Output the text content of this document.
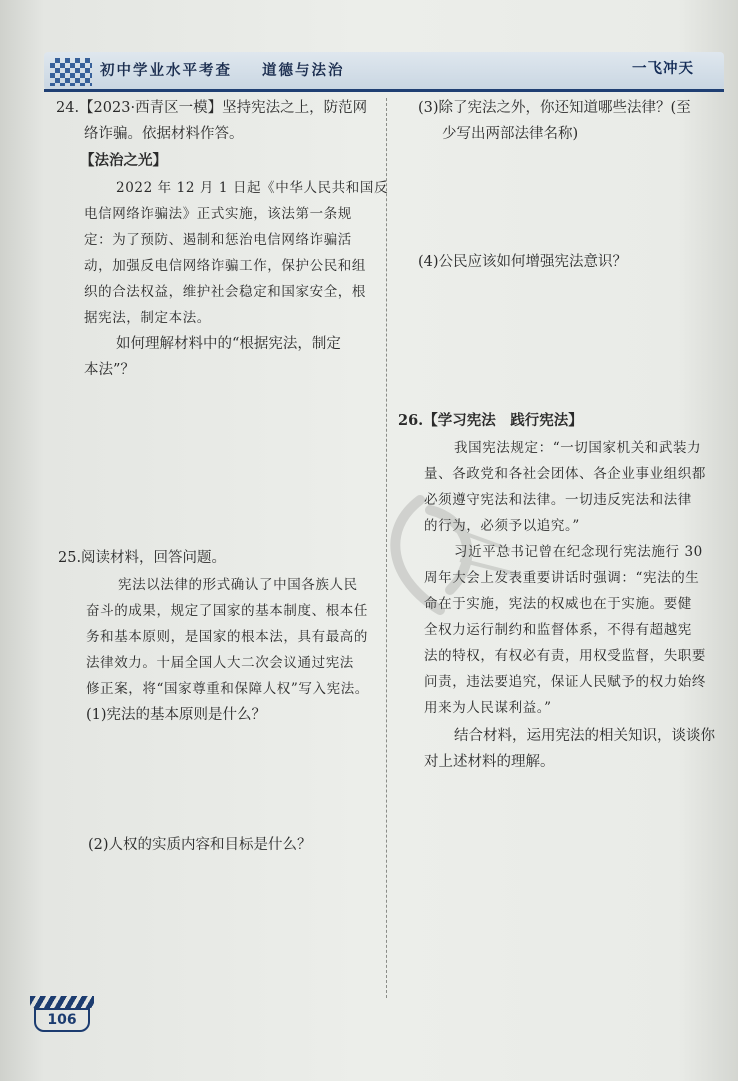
初中学业水平考查 道德与法治	一飞冲天
24.【2023·西青区一模】坚持宪法之上，防范网
络诈骗。依据材料作答。
【法治之光】
2022 年 12 月 1 日起《中华人民共和国反
电信网络诈骗法》正式实施，该法第一条规
定：为了预防、遏制和惩治电信网络诈骗活
动，加强反电信网络诈骗工作，保护公民和组
织的合法权益，维护社会稳定和国家安全，根
据宪法，制定本法。
如何理解材料中的“根据宪法，制定
本法”？
25.阅读材料，回答问题。
宪法以法律的形式确认了中国各族人民
奋斗的成果，规定了国家的基本制度、根本任
务和基本原则，是国家的根本法，具有最高的
法律效力。十届全国人大二次会议通过宪法
修正案，将“国家尊重和保障人权”写入宪法。
(1)宪法的基本原则是什么？
(2)人权的实质内容和目标是什么？
(3)除了宪法之外，你还知道哪些法律？(至
少写出两部法律名称)
(4)公民应该如何增强宪法意识？
26.【学习宪法　践行宪法】
我国宪法规定：“一切国家机关和武装力
量、各政党和各社会团体、各企业事业组织都
必须遵守宪法和法律。一切违反宪法和法律
的行为，必须予以追究。”
习近平总书记曾在纪念现行宪法施行 30
周年大会上发表重要讲话时强调：“宪法的生
命在于实施，宪法的权威也在于实施。要健
全权力运行制约和监督体系，不得有超越宪
法的特权，有权必有责，用权受监督，失职要
问责，违法要追究，保证人民赋予的权力始终
用来为人民谋利益。”
结合材料，运用宪法的相关知识，谈谈你
对上述材料的理解。
106
